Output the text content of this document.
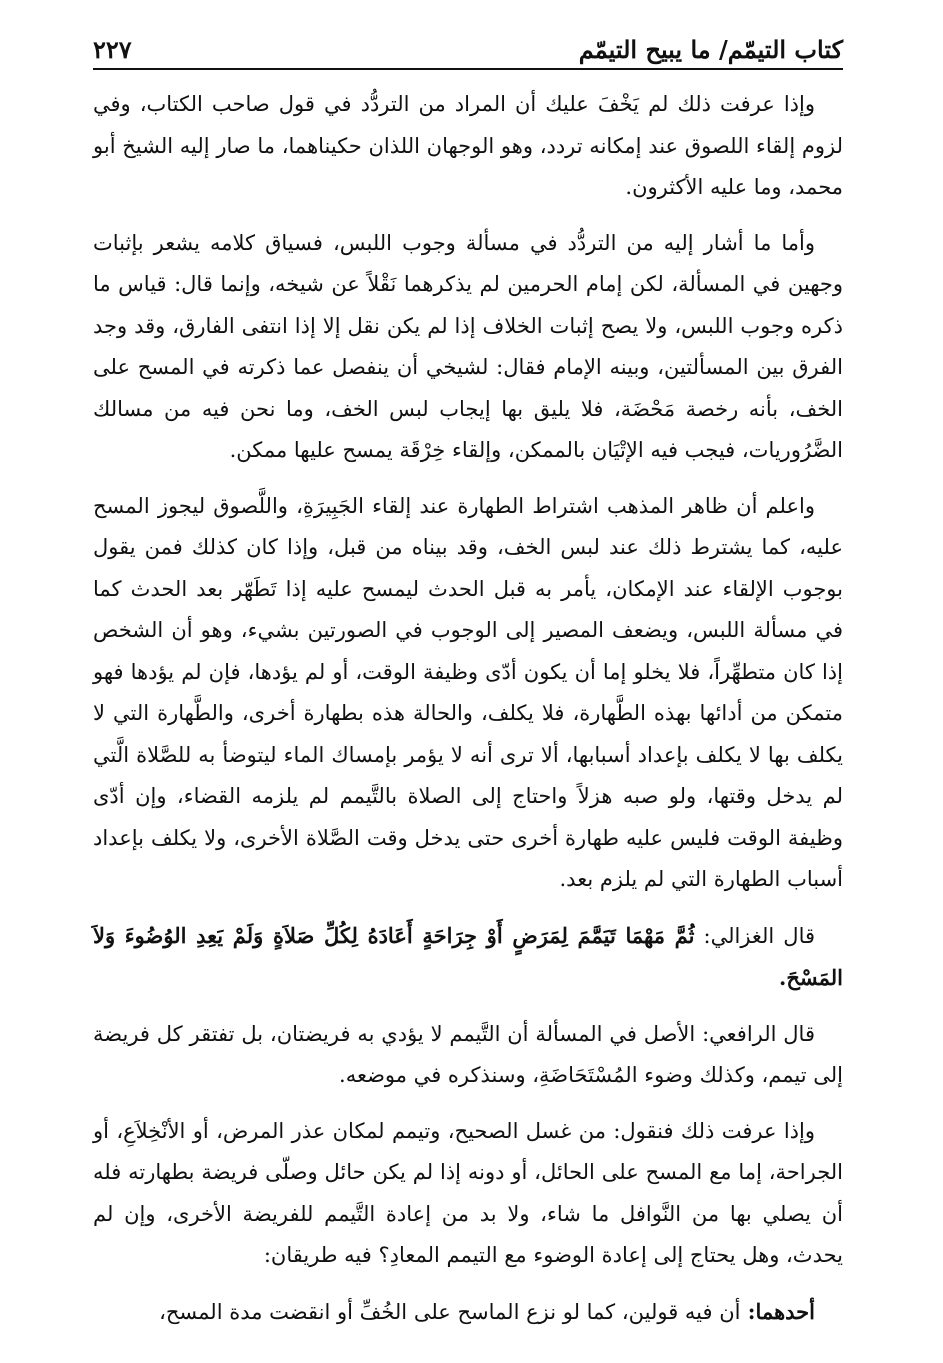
كتاب التيمّم/ ما يبيح التيمّم
٢٢٧

وإذا عرفت ذلك لم يَخْفَ عليك أن المراد من التردُّد في قول صاحب الكتاب، وفي لزوم إلقاء اللصوق عند إمكانه تردد، وهو الوجهان اللذان حكيناهما، ما صار إليه الشيخ أبو محمد، وما عليه الأكثرون.

وأما ما أشار إليه من التردُّد في مسألة وجوب اللبس، فسياق كلامه يشعر بإثبات وجهين في المسألة، لكن إمام الحرمين لم يذكرهما نَقْلاً عن شيخه، وإنما قال: قياس ما ذكره وجوب اللبس، ولا يصح إثبات الخلاف إذا لم يكن نقل إلا إذا انتفى الفارق، وقد وجد الفرق بين المسألتين، وبينه الإمام فقال: لشيخي أن ينفصل عما ذكرته في المسح على الخف، بأنه رخصة مَحْضَة، فلا يليق بها إيجاب لبس الخف، وما نحن فيه من مسالك الضَّرُوريات، فيجب فيه الإتْيَان بالممكن، وإلقاء خِرْقَة يمسح عليها ممكن.

واعلم أن ظاهر المذهب اشتراط الطهارة عند إلقاء الجَبِيرَةِ، واللَّصوق ليجوز المسح عليه، كما يشترط ذلك عند لبس الخف، وقد بيناه من قبل، وإذا كان كذلك فمن يقول بوجوب الإلقاء عند الإمكان، يأمر به قبل الحدث ليمسح عليه إذا تَطَهّر بعد الحدث كما في مسألة اللبس، ويضعف المصير إلى الوجوب في الصورتين بشيء، وهو أن الشخص إذا كان متطهِّراً، فلا يخلو إما أن يكون أدّى وظيفة الوقت، أو لم يؤدها، فإن لم يؤدها فهو متمكن من أدائها بهذه الطَّهارة، فلا يكلف، والحالة هذه بطهارة أخرى، والطَّهارة التي لا يكلف بها لا يكلف بإعداد أسبابها، ألا ترى أنه لا يؤمر بإمساك الماء ليتوضأ به للصَّلاة الَّتي لم يدخل وقتها، ولو صبه هزلاً واحتاج إلى الصلاة بالتَّيمم لم يلزمه القضاء، وإن أدّى وظيفة الوقت فليس عليه طهارة أخرى حتى يدخل وقت الصَّلاة الأخرى، ولا يكلف بإعداد أسباب الطهارة التي لم يلزم بعد.

قال الغزالي: ثُمَّ مَهْمَا تَيَمَّمَ لِمَرَضٍ أَوْ جِرَاحَةٍ أَعَادَهُ لِكُلِّ صَلاَةٍ وَلَمْ يَعِدِ الوُضُوءَ وَلاَ المَسْحَ.

قال الرافعي: الأصل في المسألة أن التَّيمم لا يؤدي به فريضتان، بل تفتقر كل فريضة إلى تيمم، وكذلك وضوء المُسْتَحَاضَةِ، وسنذكره في موضعه.

وإذا عرفت ذلك فنقول: من غسل الصحيح، وتيمم لمكان عذر المرض، أو الأنْخِلاَعِ، أو الجراحة، إما مع المسح على الحائل، أو دونه إذا لم يكن حائل وصلّى فريضة بطهارته فله أن يصلي بها من النَّوافل ما شاء، ولا بد من إعادة التَّيمم للفريضة الأخرى، وإن لم يحدث، وهل يحتاج إلى إعادة الوضوء مع التيمم المعادِ؟ فيه طريقان:

أحدهما: أن فيه قولين، كما لو نزع الماسح على الخُفِّ أو انقضت مدة المسح،
